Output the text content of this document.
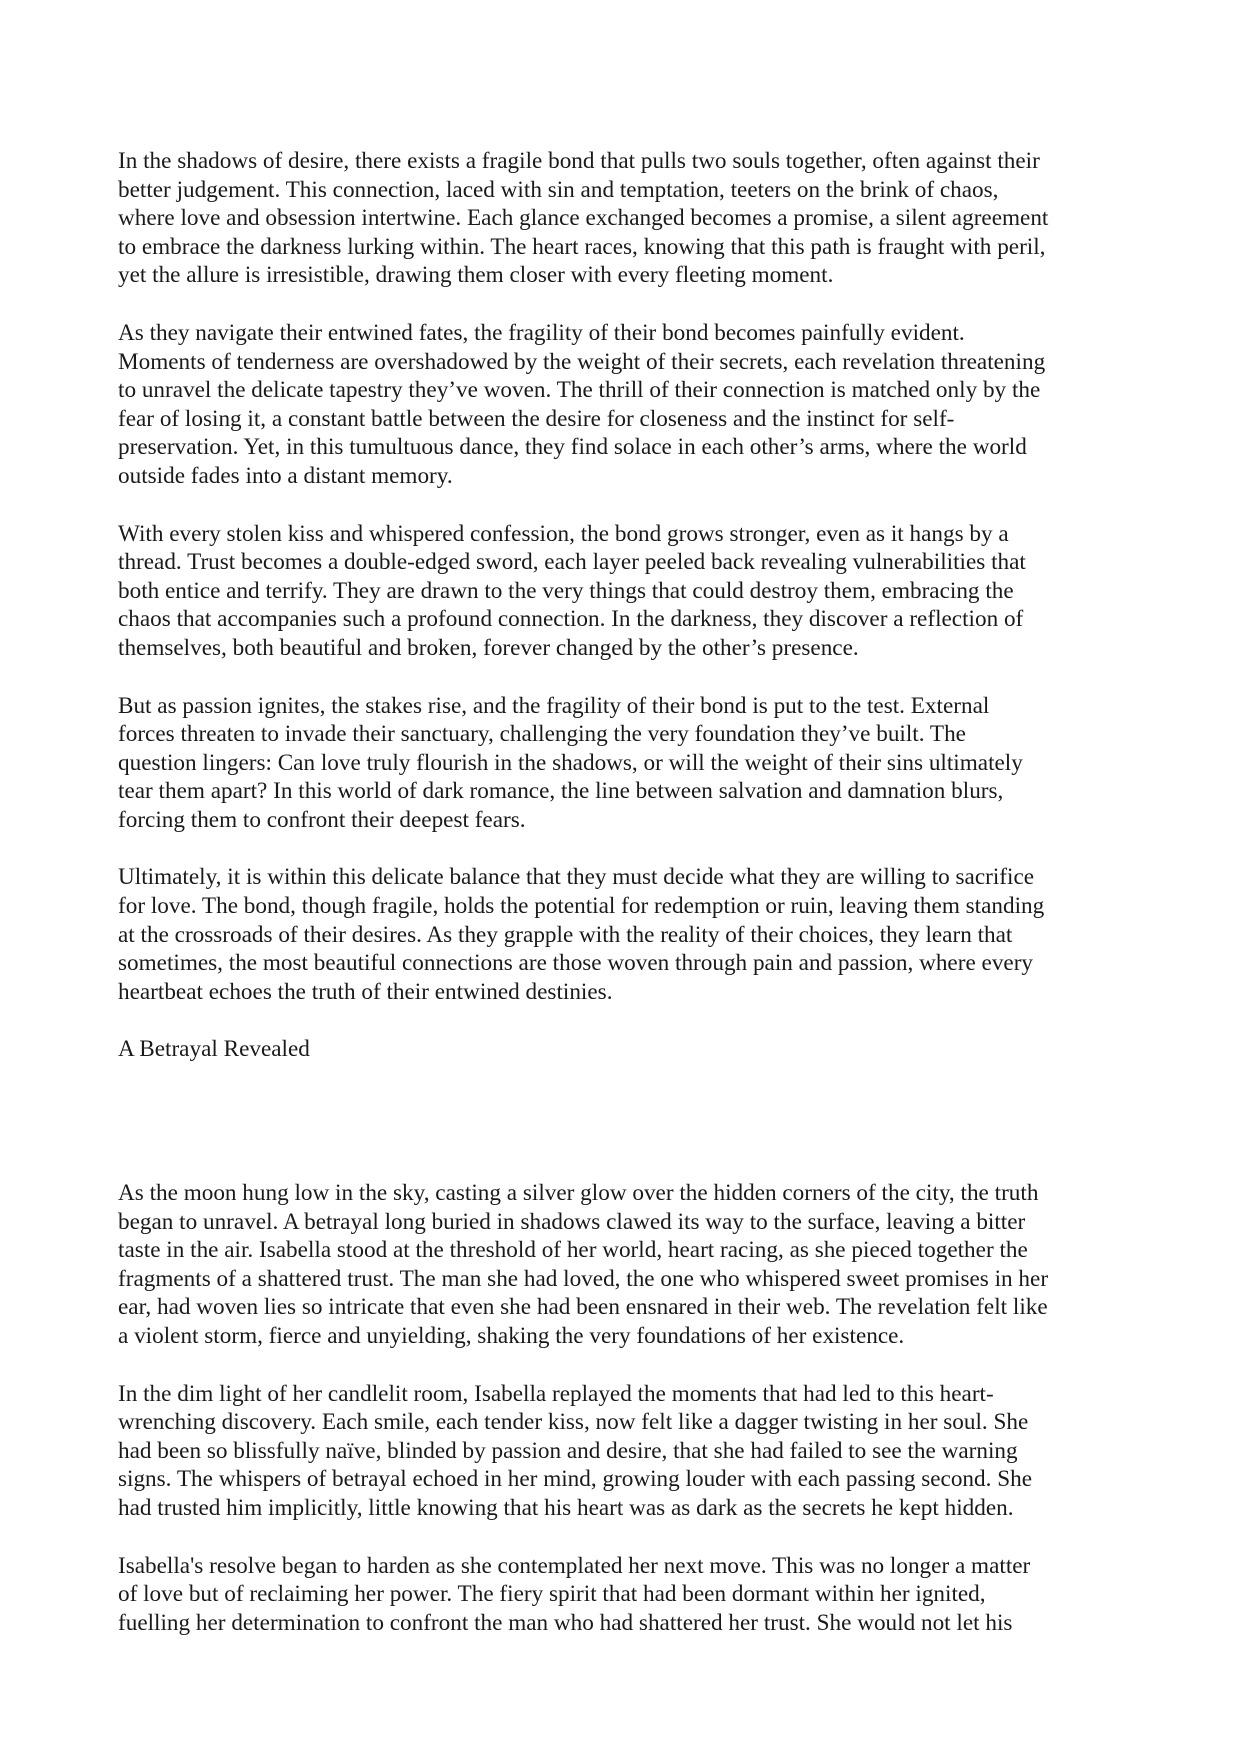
In the shadows of desire, there exists a fragile bond that pulls two souls together, often against their
better judgement. This connection, laced with sin and temptation, teeters on the brink of chaos,
where love and obsession intertwine. Each glance exchanged becomes a promise, a silent agreement
to embrace the darkness lurking within. The heart races, knowing that this path is fraught with peril,
yet the allure is irresistible, drawing them closer with every fleeting moment.

As they navigate their entwined fates, the fragility of their bond becomes painfully evident.
Moments of tenderness are overshadowed by the weight of their secrets, each revelation threatening
to unravel the delicate tapestry they’ve woven. The thrill of their connection is matched only by the
fear of losing it, a constant battle between the desire for closeness and the instinct for self-
preservation. Yet, in this tumultuous dance, they find solace in each other’s arms, where the world
outside fades into a distant memory.

With every stolen kiss and whispered confession, the bond grows stronger, even as it hangs by a
thread. Trust becomes a double-edged sword, each layer peeled back revealing vulnerabilities that
both entice and terrify. They are drawn to the very things that could destroy them, embracing the
chaos that accompanies such a profound connection. In the darkness, they discover a reflection of
themselves, both beautiful and broken, forever changed by the other’s presence.

But as passion ignites, the stakes rise, and the fragility of their bond is put to the test. External
forces threaten to invade their sanctuary, challenging the very foundation they’ve built. The
question lingers: Can love truly flourish in the shadows, or will the weight of their sins ultimately
tear them apart? In this world of dark romance, the line between salvation and damnation blurs,
forcing them to confront their deepest fears.

Ultimately, it is within this delicate balance that they must decide what they are willing to sacrifice
for love. The bond, though fragile, holds the potential for redemption or ruin, leaving them standing
at the crossroads of their desires. As they grapple with the reality of their choices, they learn that
sometimes, the most beautiful connections are those woven through pain and passion, where every
heartbeat echoes the truth of their entwined destinies.

A Betrayal Revealed

As the moon hung low in the sky, casting a silver glow over the hidden corners of the city, the truth
began to unravel. A betrayal long buried in shadows clawed its way to the surface, leaving a bitter
taste in the air. Isabella stood at the threshold of her world, heart racing, as she pieced together the
fragments of a shattered trust. The man she had loved, the one who whispered sweet promises in her
ear, had woven lies so intricate that even she had been ensnared in their web. The revelation felt like
a violent storm, fierce and unyielding, shaking the very foundations of her existence.

In the dim light of her candlelit room, Isabella replayed the moments that had led to this heart-
wrenching discovery. Each smile, each tender kiss, now felt like a dagger twisting in her soul. She
had been so blissfully naïve, blinded by passion and desire, that she had failed to see the warning
signs. The whispers of betrayal echoed in her mind, growing louder with each passing second. She
had trusted him implicitly, little knowing that his heart was as dark as the secrets he kept hidden.

Isabella's resolve began to harden as she contemplated her next move. This was no longer a matter
of love but of reclaiming her power. The fiery spirit that had been dormant within her ignited,
fuelling her determination to confront the man who had shattered her trust. She would not let his
